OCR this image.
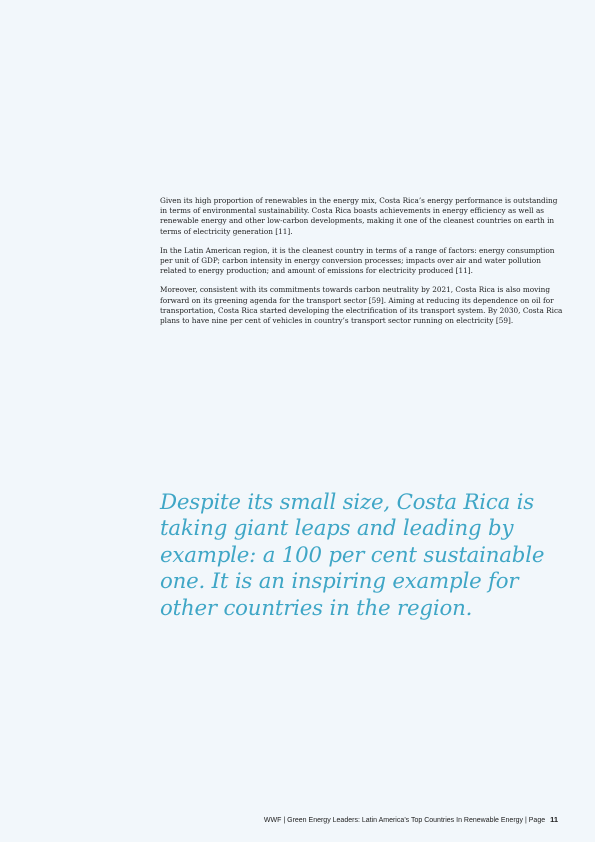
Given its high proportion of renewables in the energy mix, Costa Rica’s energy performance is outstanding in terms of environmental sustainability. Costa Rica boasts achievements in energy efficiency as well as renewable energy and other low-carbon developments, making it one of the cleanest countries on earth in terms of electricity generation [11].

In the Latin American region, it is the cleanest country in terms of a range of factors: energy consumption per unit of GDP; carbon intensity in energy conversion processes; impacts over air and water pollution related to energy production; and amount of emissions for electricity produced [11].

Moreover, consistent with its commitments towards carbon neutrality by 2021, Costa Rica is also moving forward on its greening agenda for the transport sector [59]. Aiming at reducing its dependence on oil for transportation, Costa Rica started developing the electrification of its transport system. By 2030, Costa Rica plans to have nine per cent of vehicles in country’s transport sector running on electricity [59].

Despite its small size, Costa Rica is taking giant leaps and leading by example: a 100 per cent sustainable one. It is an inspiring example for other countries in the region.

WWF | Green Energy Leaders: Latin America’s Top Countries In Renewable Energy | Page 11
